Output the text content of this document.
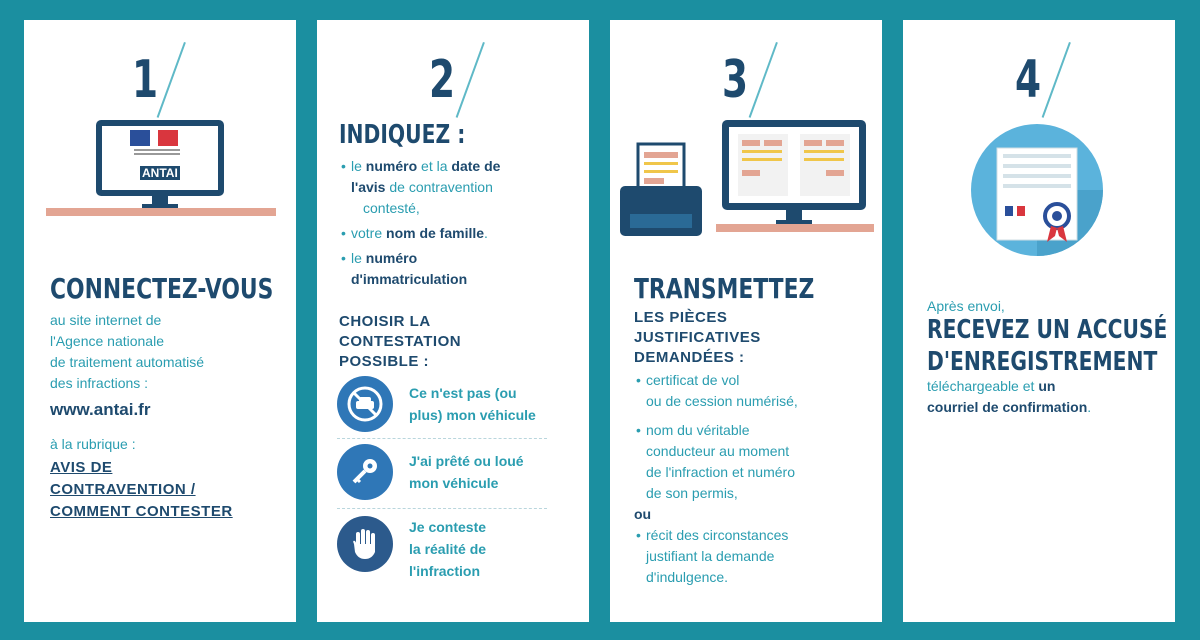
1
ANTAI
CONNECTEZ-VOUS
au site internet de
l'Agence nationale
de traitement automatisé
des infractions :
www.antai.fr
à la rubrique :
AVIS DE
CONTRAVENTION /
COMMENT CONTESTER
2
INDIQUEZ :
• le numéro et la date de
l'avis de contravention
contesté,
• votre nom de famille.
• le numéro
d'immatriculation
CHOISIR LA
CONTESTATION
POSSIBLE :
Ce n'est pas (ou
plus) mon véhicule
J'ai prêté ou loué
mon véhicule
Je conteste
la réalité de
l'infraction
3
TRANSMETTEZ
LES PIÈCES
JUSTIFICATIVES
DEMANDÉES :
• certificat de vol
ou de cession numérisé,
• nom du véritable
conducteur au moment
de l'infraction et numéro
de son permis,
ou
• récit des circonstances
justifiant la demande
d'indulgence.
4
Après envoi,
RECEVEZ UN ACCUSÉ
D'ENREGISTREMENT
téléchargeable et un
courriel de confirmation.
